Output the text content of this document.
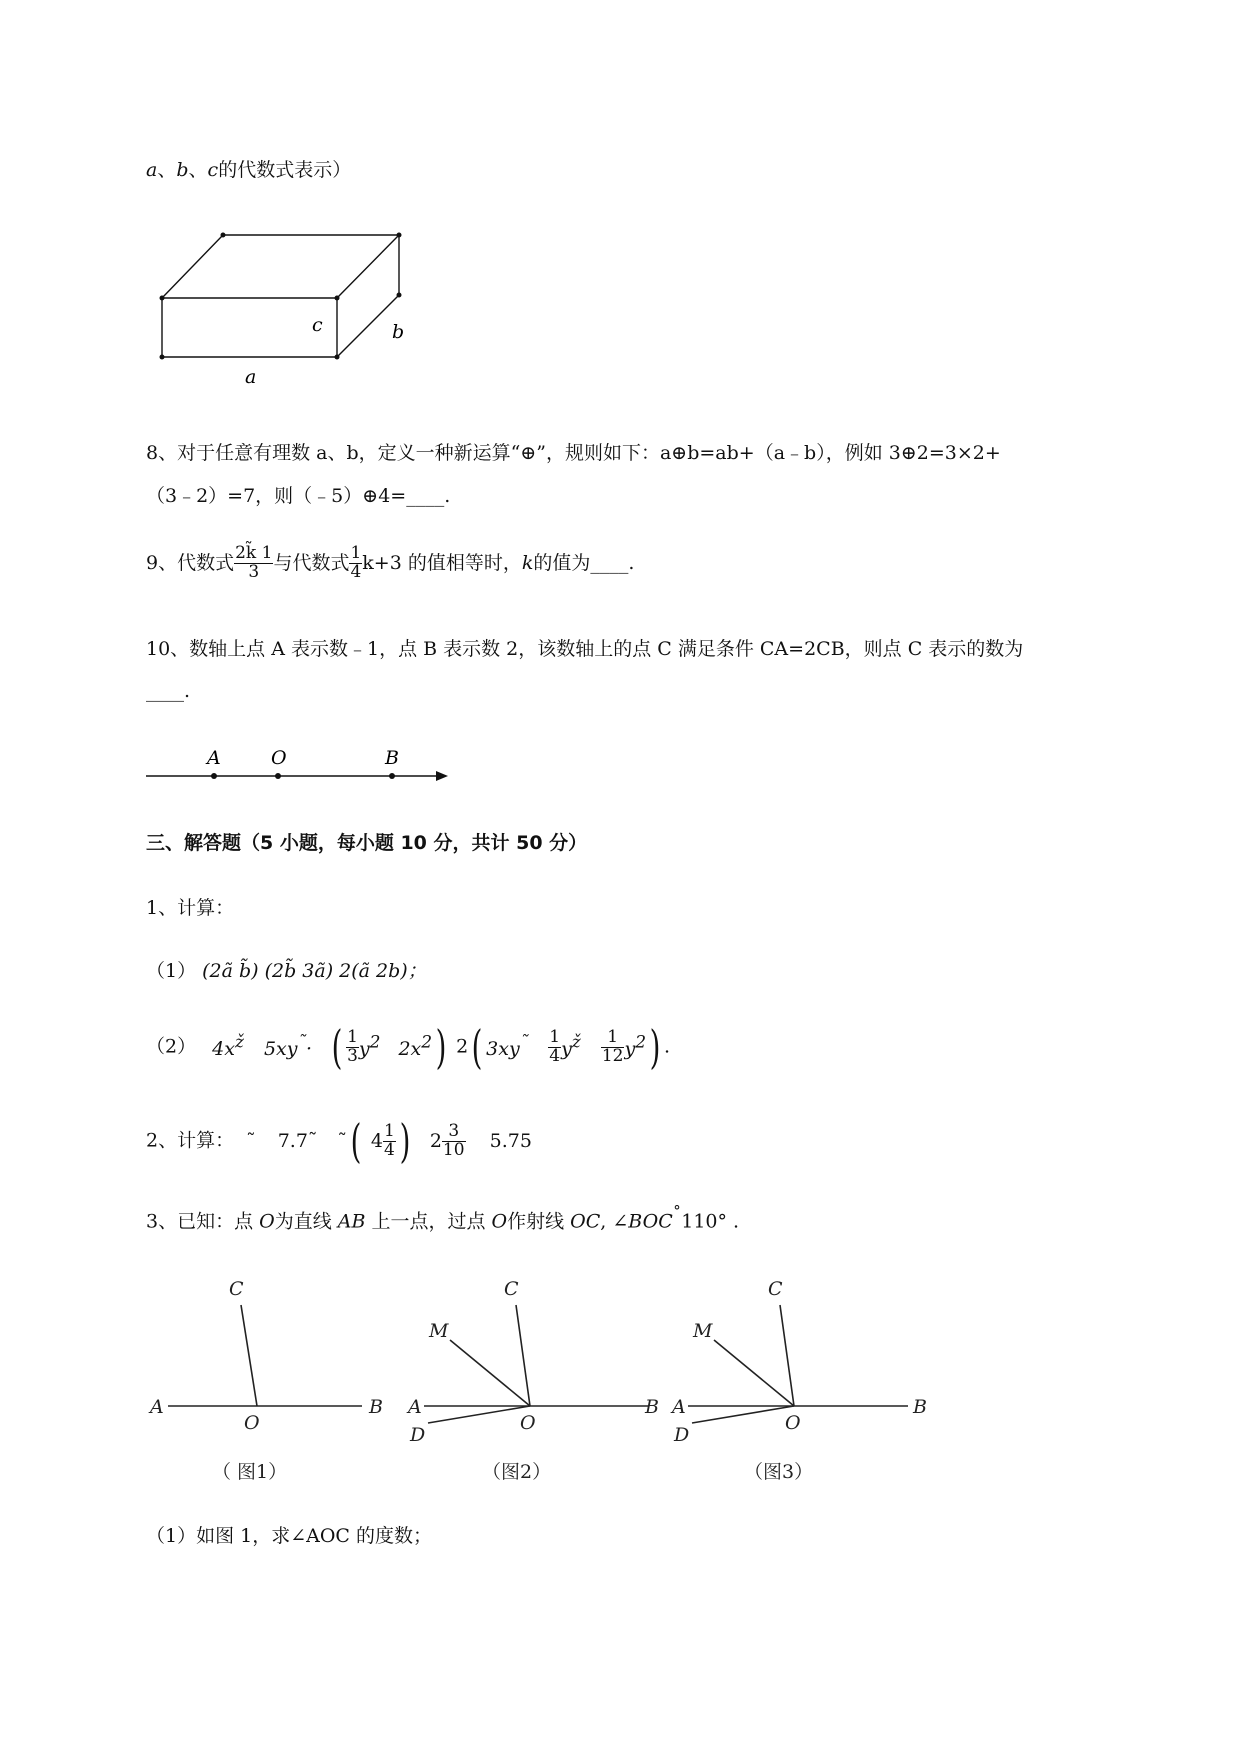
a、b、c的代数式表示）
c	b
a
8、对于任意有理数 a、b，定义一种新运算“⊕”，规则如下：a⊕b=ab+（a﹣b），例如 3⊕2=3×2+
（3﹣2）=7，则（﹣5）⊕4=____.
9、代数式 $\frac{2k̃ 1}{3}$ 与代数式 $\frac{1}{4} k+3$ 的值相等时，k的值为____.
10、数轴上点 A 表示数﹣1，点 B 表示数 2，该数轴上的点 C 满足条件 CA=2CB，则点 C 表示的数为
____.
A	O	B
三、解答题（5 小题，每小题 10 分，共计 50 分）
1、计算：
（1） (2ã b̃) (2b̃ 3ã) 2(ã 2b)；
（2） $4x^ž$ 5xy˜· ( $\frac{1}{3} y^2$ $2x^2$) 2( $3xy^˜ \frac{1}{4} y^ž \frac{1}{12} y^2$) .
2、计算： ˜ 7.7˜ ˜( $4 \frac{1}{4}$ ) $2 \frac{3}{10} 5.75$
3、已知：点 O为直线 AB 上一点，过点 O作射线 OC, ∠BOC˚110° .
A	B
O
C
A	B
O
C
M
D
A	B
O
C
M
D
（ 图1）	（图2）	（图3）
（1）如图 1，求∠AOC 的度数；
